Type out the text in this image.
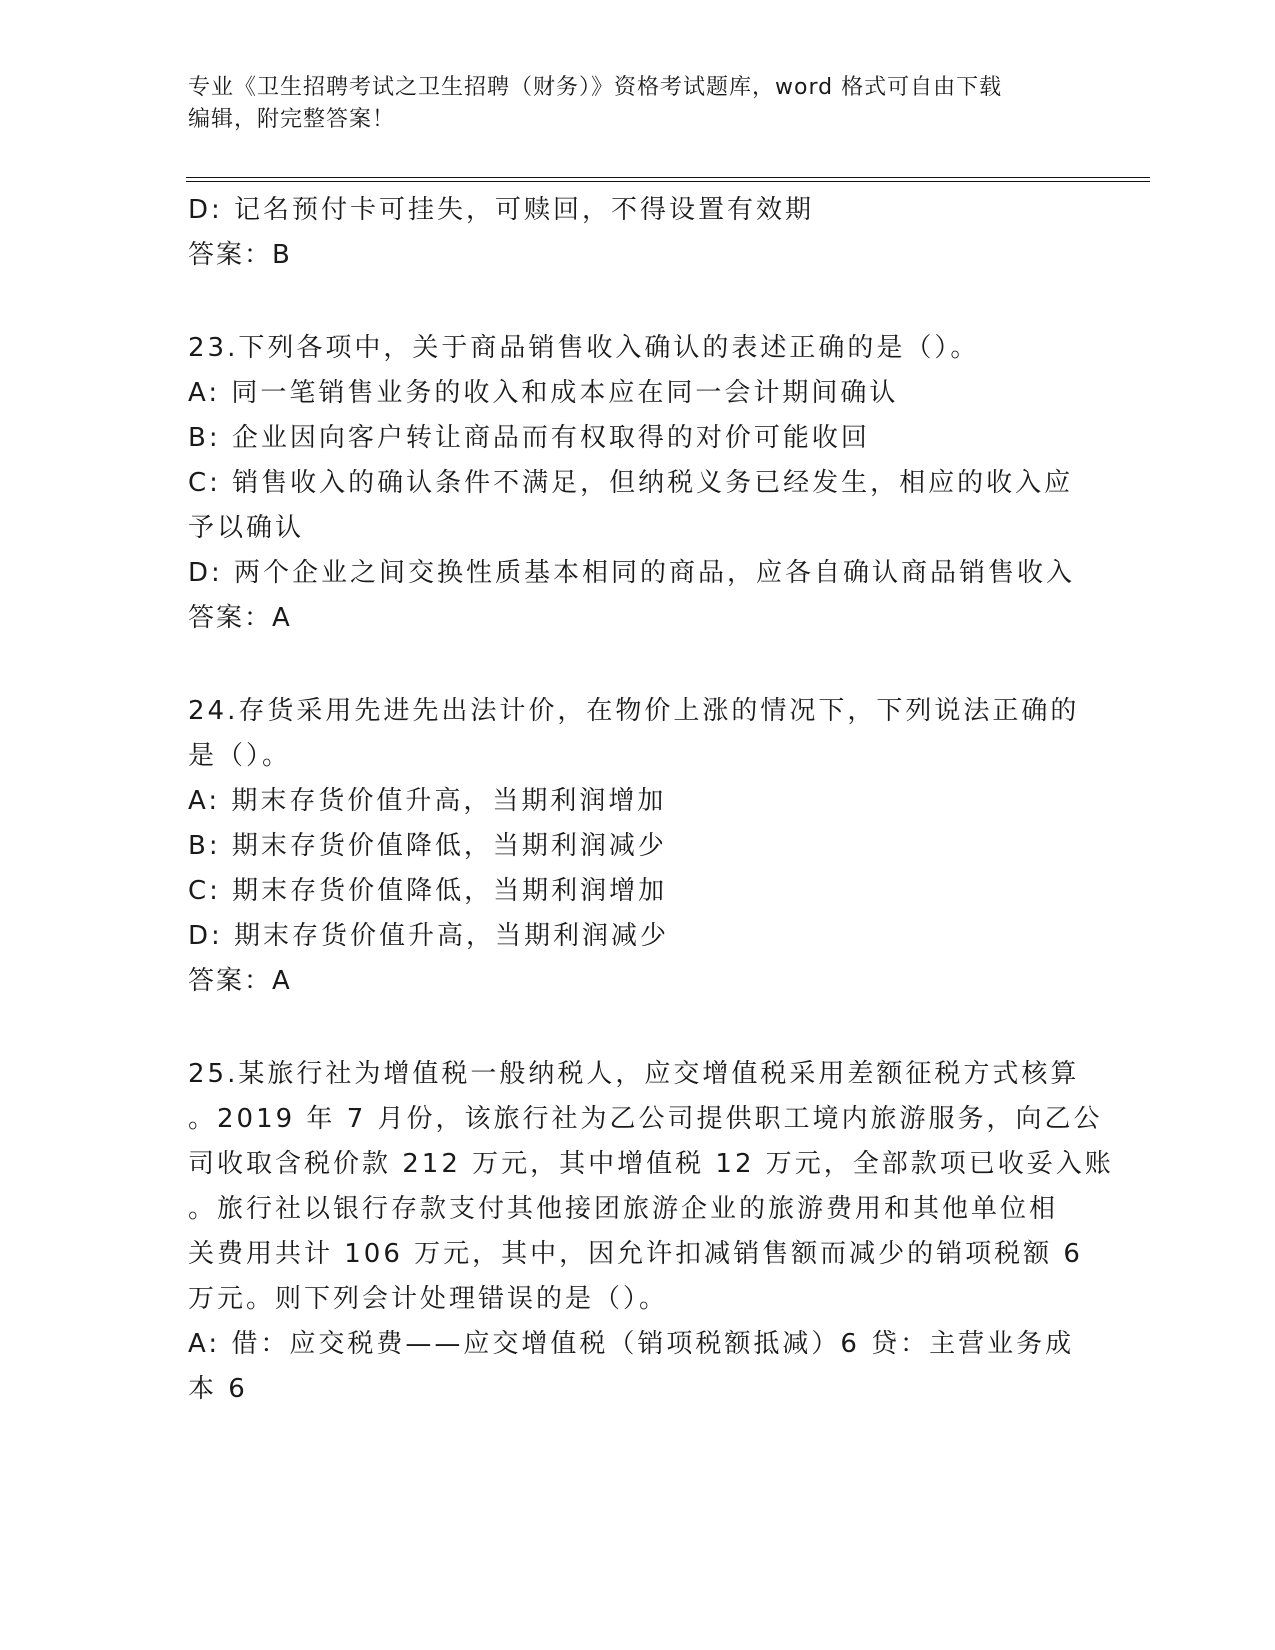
专业《卫生招聘考试之卫生招聘（财务）》资格考试题库，word 格式可自由下载
编辑，附完整答案！

D: 记名预付卡可挂失，可赎回，不得设置有效期

答案：B

23.下列各项中，关于商品销售收入确认的表述正确的是（）。

A: 同一笔销售业务的收入和成本应在同一会计期间确认

B: 企业因向客户转让商品而有权取得的对价可能收回

C: 销售收入的确认条件不满足，但纳税义务已经发生，相应的收入应

予以确认

D: 两个企业之间交换性质基本相同的商品，应各自确认商品销售收入

答案：A

24.存货采用先进先出法计价，在物价上涨的情况下，下列说法正确的

是（）。

A: 期末存货价值升高，当期利润增加

B: 期末存货价值降低，当期利润减少

C: 期末存货价值降低，当期利润增加

D: 期末存货价值升高，当期利润减少

答案：A

25.某旅行社为增值税一般纳税人，应交增值税采用差额征税方式核算

。2019 年 7 月份，该旅行社为乙公司提供职工境内旅游服务，向乙公

司收取含税价款 212 万元，其中增值税 12 万元，全部款项已收妥入账

。旅行社以银行存款支付其他接团旅游企业的旅游费用和其他单位相

关费用共计 106 万元，其中，因允许扣减销售额而减少的销项税额 6

万元。则下列会计处理错误的是（）。

A: 借：应交税费——应交增值税（销项税额抵减）6 贷：主营业务成

本 6
